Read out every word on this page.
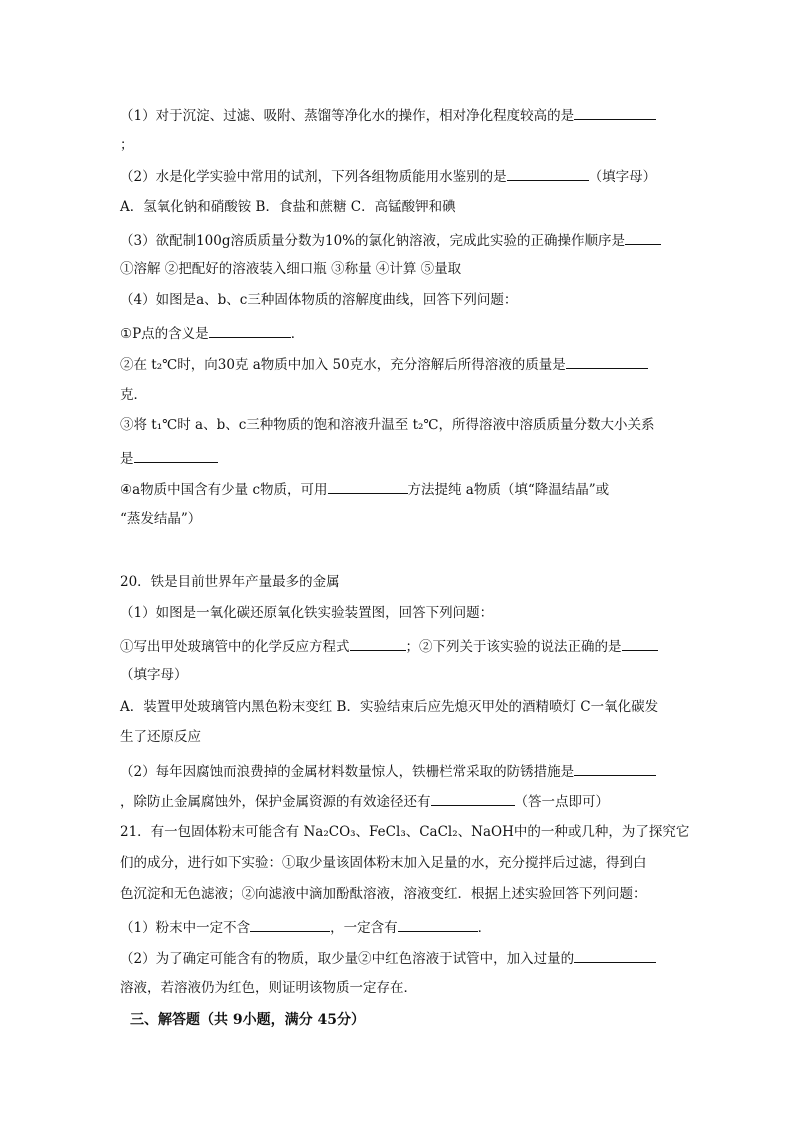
（1）对于沉淀、过滤、吸附、蒸馏等净化水的操作，相对净化程度较高的是
；
（2）水是化学实验中常用的试剂，下列各组物质能用水鉴别的是	（填字母）
A．氢氧化钠和硝酸铵 B．食盐和蔗糖 C．高锰酸钾和碘
（3）欲配制100g溶质质量分数为10%的氯化钠溶液，完成此实验的正确操作顺序是
①溶解 ②把配好的溶液装入细口瓶 ③称量 ④计算 ⑤量取
（4）如图是a、b、c三种固体物质的溶解度曲线，回答下列问题：
①P点的含义是	．
②在 t₂℃时，向30克 a物质中加入 50克水，充分溶解后所得溶液的质量是
克．
③将 t₁℃时 a、b、c三种物质的饱和溶液升温至 t₂℃，所得溶液中溶质质量分数大小关系
是
④a物质中国含有少量 c物质，可用	方法提纯 a物质（填“降温结晶”或
“蒸发结晶”）
20．铁是目前世界年产量最多的金属
（1）如图是一氧化碳还原氧化铁实验装置图，回答下列问题：
①写出甲处玻璃管中的化学反应方程式	；②下列关于该实验的说法正确的是
（填字母）
A．装置甲处玻璃管内黑色粉末变红 B．实验结束后应先熄灭甲处的酒精喷灯 C一氧化碳发
生了还原反应
（2）每年因腐蚀而浪费掉的金属材料数量惊人，铁栅栏常采取的防锈措施是
，除防止金属腐蚀外，保护金属资源的有效途径还有	（答一点即可）
21．有一包固体粉末可能含有 Na₂CO₃、FeCl₃、CaCl₂、NaOH中的一种或几种，为了探究它
们的成分，进行如下实验：①取少量该固体粉末加入足量的水，充分搅拌后过滤，得到白
色沉淀和无色滤液；②向滤液中滴加酚酞溶液，溶液变红．根据上述实验回答下列问题：
（1）粉末中一定不含	，一定含有	．
（2）为了确定可能含有的物质，取少量②中红色溶液于试管中，加入过量的
溶液，若溶液仍为红色，则证明该物质一定存在．
三、解答题（共 9小题，满分 45分）
